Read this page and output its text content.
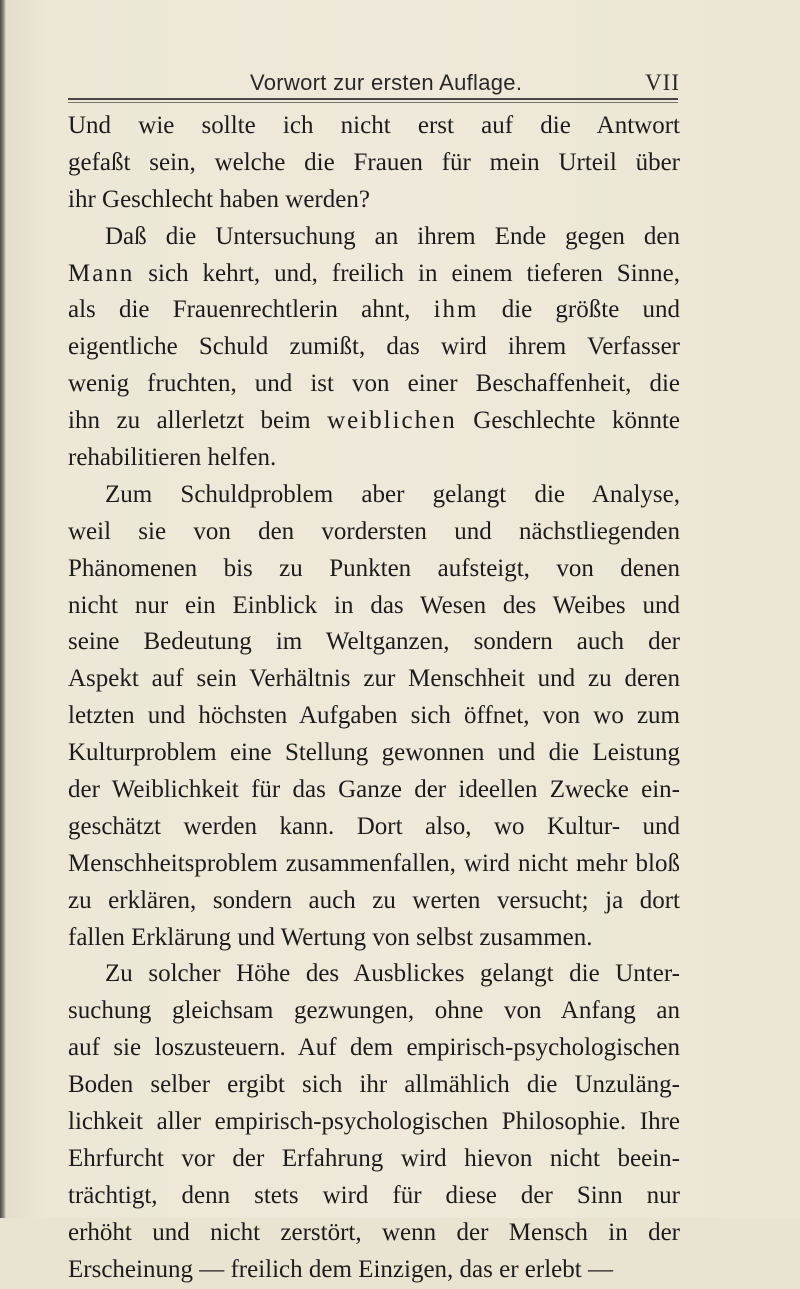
Vorwort zur ersten Auflage.	VII
Und wie sollte ich nicht erst auf die Antwort
gefaßt sein, welche die Frauen für mein Urteil über
ihr Geschlecht haben werden?
Daß die Untersuchung an ihrem Ende gegen den
Mann sich kehrt, und, freilich in einem tieferen Sinne,
als die Frauenrechtlerin ahnt, ihm die größte und
eigentliche Schuld zumißt, das wird ihrem Verfasser
wenig fruchten, und ist von einer Beschaffenheit, die
ihn zu allerletzt beim weiblichen Geschlechte könnte
rehabilitieren helfen.
Zum Schuldproblem aber gelangt die Analyse,
weil sie von den vordersten und nächstliegenden
Phänomenen bis zu Punkten aufsteigt, von denen
nicht nur ein Einblick in das Wesen des Weibes und
seine Bedeutung im Weltganzen, sondern auch der
Aspekt auf sein Verhältnis zur Menschheit und zu deren
letzten und höchsten Aufgaben sich öffnet, von wo zum
Kulturproblem eine Stellung gewonnen und die Leistung
der Weiblichkeit für das Ganze der ideellen Zwecke ein-
geschätzt werden kann. Dort also, wo Kultur- und
Menschheitsproblem zusammenfallen, wird nicht mehr bloß
zu erklären, sondern auch zu werten versucht; ja dort
fallen Erklärung und Wertung von selbst zusammen.
Zu solcher Höhe des Ausblickes gelangt die Unter-
suchung gleichsam gezwungen, ohne von Anfang an
auf sie loszusteuern. Auf dem empirisch-psychologischen
Boden selber ergibt sich ihr allmählich die Unzuläng-
lichkeit aller empirisch-psychologischen Philosophie. Ihre
Ehrfurcht vor der Erfahrung wird hievon nicht beein-
trächtigt, denn stets wird für diese der Sinn nur
erhöht und nicht zerstört, wenn der Mensch in der
Erscheinung — freilich dem Einzigen, das er erlebt —
